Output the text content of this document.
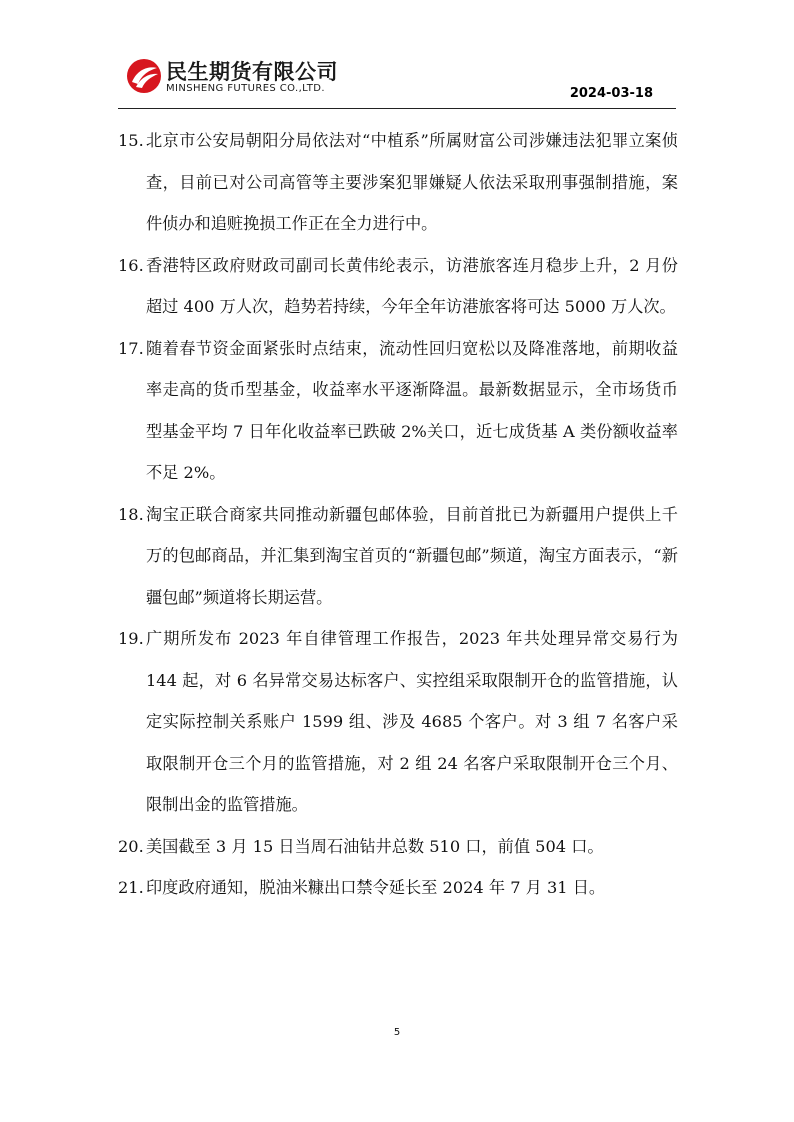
民生期货有限公司
MINSHENG FUTURES CO.,LTD.	2024-03-18

15. 北京市公安局朝阳分局依法对“中植系”所属财富公司涉嫌违法犯罪立案侦查，目前已对公司高管等主要涉案犯罪嫌疑人依法采取刑事强制措施，案件侦办和追赃挽损工作正在全力进行中。

16. 香港特区政府财政司副司长黄伟纶表示，访港旅客连月稳步上升，2 月份超过 400 万人次，趋势若持续，今年全年访港旅客将可达 5000 万人次。

17. 随着春节资金面紧张时点结束，流动性回归宽松以及降准落地，前期收益率走高的货币型基金，收益率水平逐渐降温。最新数据显示，全市场货币型基金平均 7 日年化收益率已跌破 2%关口，近七成货基 A 类份额收益率不足 2%。

18. 淘宝正联合商家共同推动新疆包邮体验，目前首批已为新疆用户提供上千万的包邮商品，并汇集到淘宝首页的“新疆包邮”频道，淘宝方面表示，“新疆包邮”频道将长期运营。

19. 广期所发布 2023 年自律管理工作报告，2023 年共处理异常交易行为 144 起，对 6 名异常交易达标客户、实控组采取限制开仓的监管措施，认定实际控制关系账户 1599 组、涉及 4685 个客户。对 3 组 7 名客户采取限制开仓三个月的监管措施，对 2 组 24 名客户采取限制开仓三个月、限制出金的监管措施。

20. 美国截至 3 月 15 日当周石油钻井总数 510 口，前值 504 口。

21. 印度政府通知，脱油米糠出口禁令延长至 2024 年 7 月 31 日。

5
